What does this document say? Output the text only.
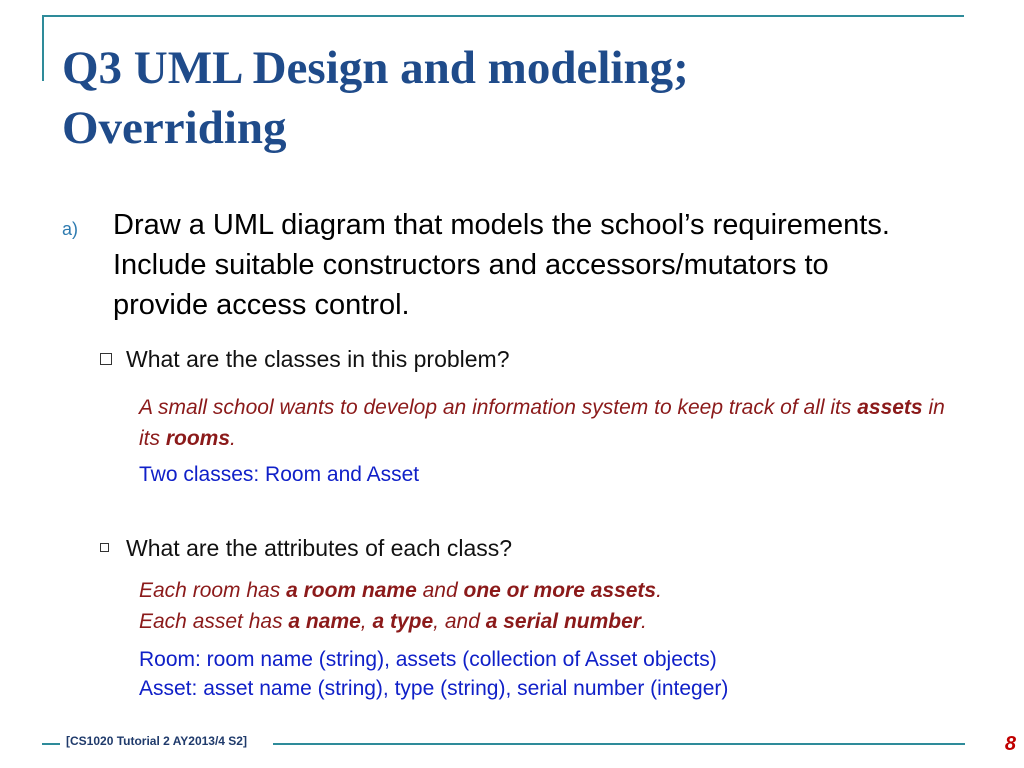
Q3 UML Design and modeling;
Overriding
a) Draw a UML diagram that models the school’s requirements. Include suitable constructors and accessors/mutators to provide access control.
What are the classes in this problem?
A small school wants to develop an information system to keep track of all its assets in its rooms.
Two classes: Room and Asset
What are the attributes of each class?
Each room has a room name and one or more assets.
Each asset has a name, a type, and a serial number.
Room: room name (string), assets (collection of Asset objects)
Asset: asset name (string), type (string), serial number (integer)
[CS1020 Tutorial 2 AY2013/4 S2]	8
